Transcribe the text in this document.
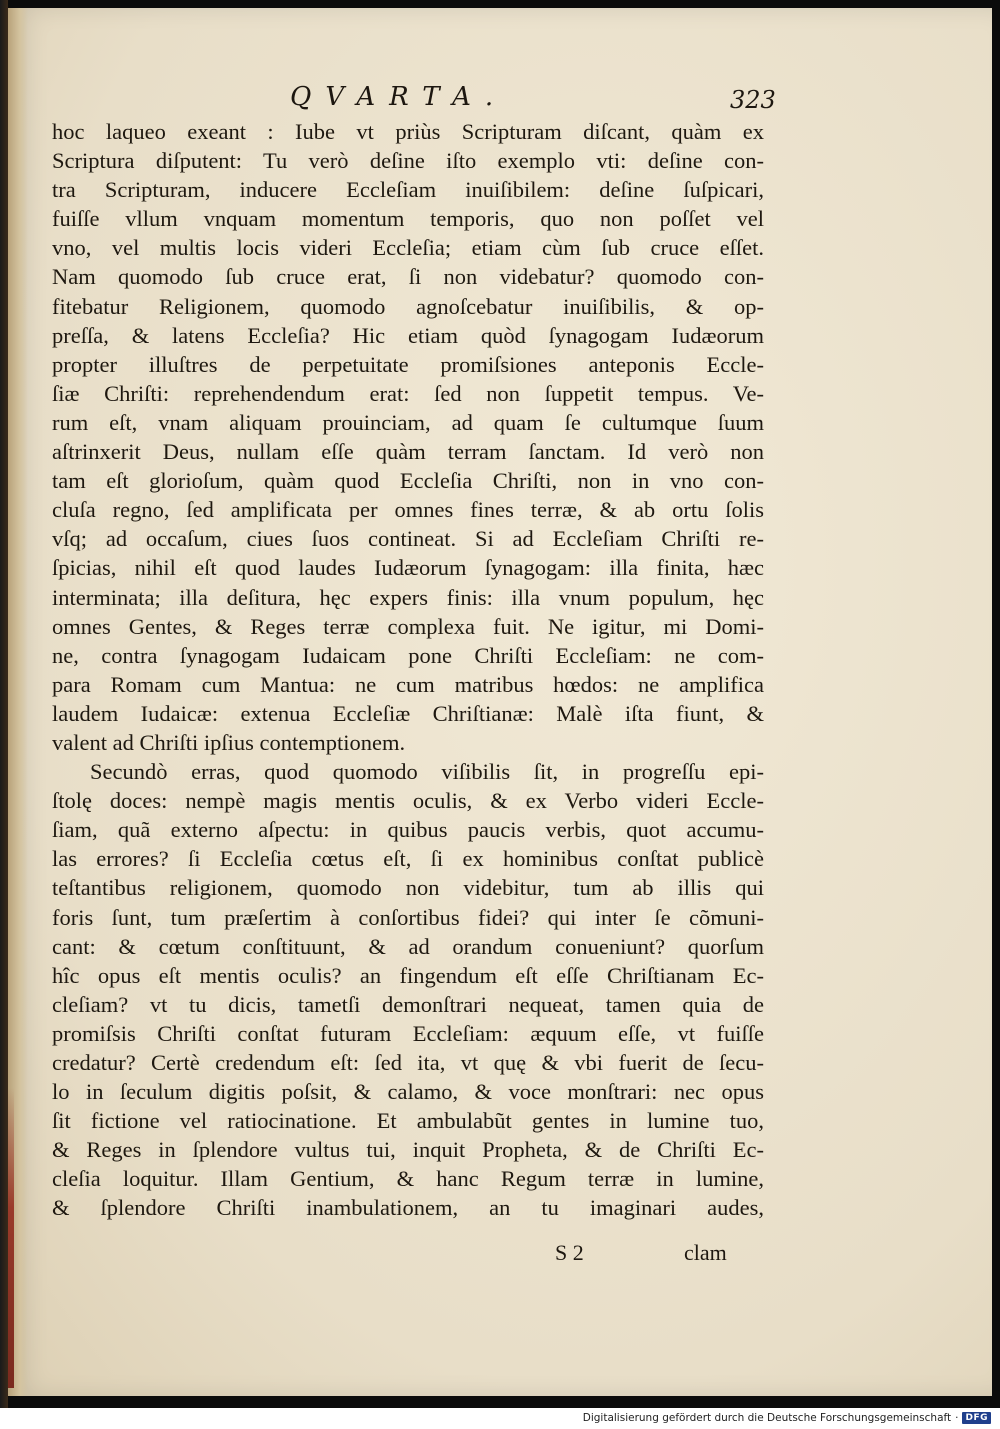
QVARTA.	323
hoc laqueo exeant : Iube vt priùs Scripturam diſcant, quàm ex
Scriptura diſputent: Tu verò deſine iſto exemplo vti: deſine con-
tra Scripturam, inducere Eccleſiam inuiſibilem: deſine ſuſpicari,
fuiſſe vllum vnquam momentum temporis, quo non poſſet vel
vno, vel multis locis videri Eccleſia; etiam cùm ſub cruce eſſet.
Nam quomodo ſub cruce erat, ſi non videbatur? quomodo con-
fitebatur Religionem, quomodo agnoſcebatur inuiſibilis, & op-
preſſa, & latens Eccleſia? Hic etiam quòd ſynagogam Iudæorum
propter illuſtres de perpetuitate promiſsiones anteponis Eccle-
ſiæ Chriſti: reprehendendum erat: ſed non ſuppetit tempus. Ve-
rum eſt, vnam aliquam prouinciam, ad quam ſe cultumque ſuum
aſtrinxerit Deus, nullam eſſe quàm terram ſanctam. Id verò non
tam eſt glorioſum, quàm quod Eccleſia Chriſti, non in vno con-
cluſa regno, ſed amplificata per omnes fines terræ, & ab ortu ſolis
vſq; ad occaſum, ciues ſuos contineat. Si ad Eccleſiam Chriſti re-
ſpicias, nihil eſt quod laudes Iudæorum ſynagogam: illa finita, hæc
interminata; illa deſitura, hęc expers finis: illa vnum populum, hęc
omnes Gentes, & Reges terræ complexa fuit. Ne igitur, mi Domi-
ne, contra ſynagogam Iudaicam pone Chriſti Eccleſiam: ne com-
para Romam cum Mantua: ne cum matribus hœdos: ne amplifica
laudem Iudaicæ: extenua Eccleſiæ Chriſtianæ: Malè iſta fiunt, &
valent ad Chriſti ipſius contemptionem.
Secundò erras, quod quomodo viſibilis ſit, in progreſſu epi-
ſtolę doces: nempè magis mentis oculis, & ex Verbo videri Eccle-
ſiam, quã externo aſpectu: in quibus paucis verbis, quot accumu-
las errores? ſi Eccleſia cœtus eſt, ſi ex hominibus conſtat publicè
teſtantibus religionem, quomodo non videbitur, tum ab illis qui
foris ſunt, tum præſertim à conſortibus fidei? qui inter ſe cõmuni-
cant: & cœtum conſtituunt, & ad orandum conueniunt? quorſum
hîc opus eſt mentis oculis? an fingendum eſt eſſe Chriſtianam Ec-
cleſiam? vt tu dicis, tametſi demonſtrari nequeat, tamen quia de
promiſsis Chriſti conſtat futuram Eccleſiam: æquum eſſe, vt fuiſſe
credatur? Certè credendum eſt: ſed ita, vt quę & vbi fuerit de ſecu-
lo in ſeculum digitis poſsit, & calamo, & voce monſtrari: nec opus
ſit fictione vel ratiocinatione. Et ambulabũt gentes in lumine tuo,
& Reges in ſplendore vultus tui, inquit Propheta, & de Chriſti Ec-
cleſia loquitur. Illam Gentium, & hanc Regum terræ in lumine,
& ſplendore Chriſti inambulationem, an tu imaginari audes,
S 2	clam
Digitalisierung gefördert durch die Deutsche Forschungsgemeinschaft · DFG
